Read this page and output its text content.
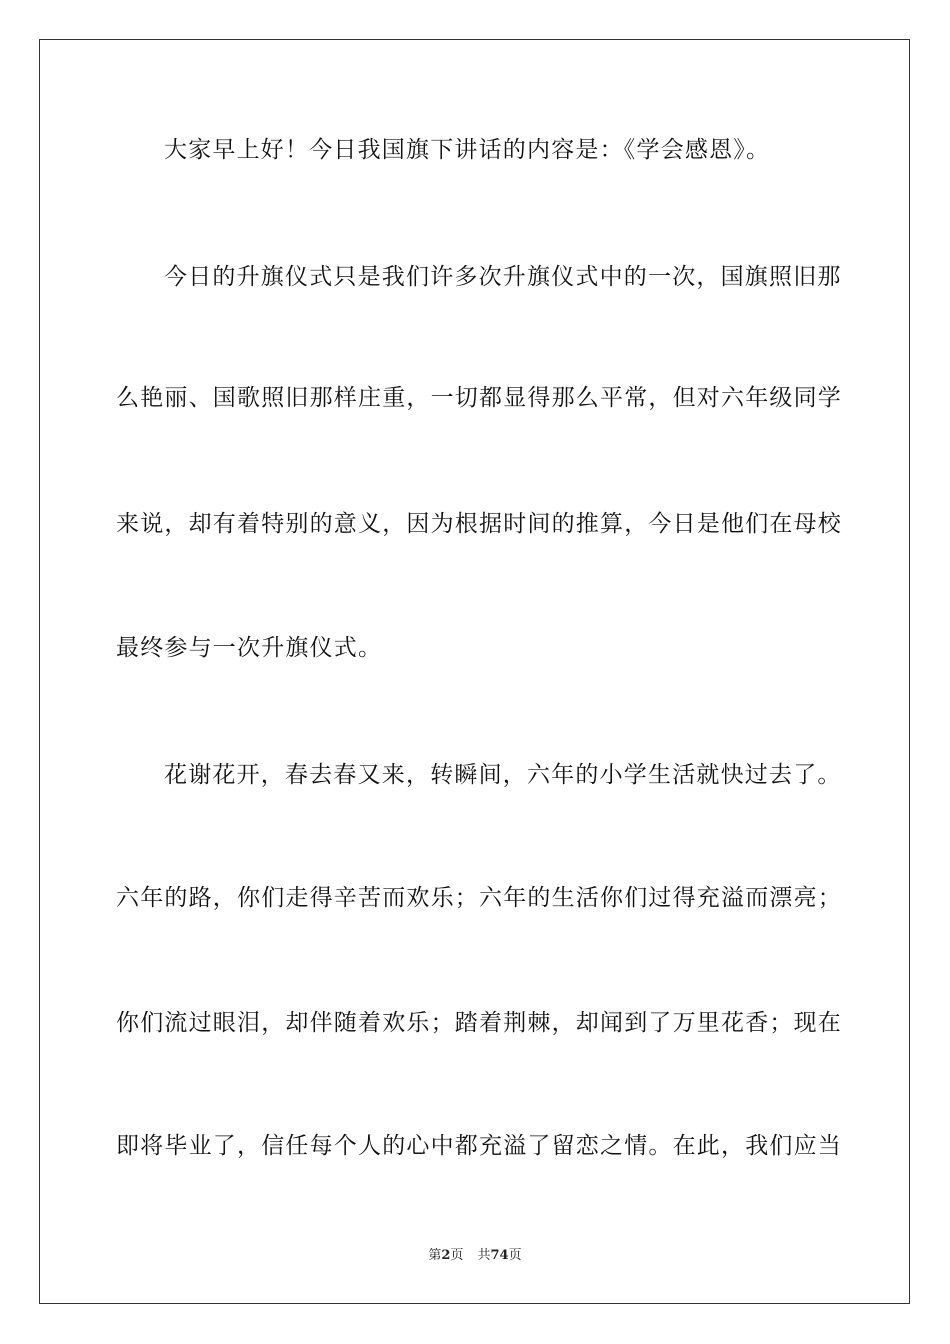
大家早上好！今日我国旗下讲话的内容是：《学会感恩》。
今日的升旗仪式只是我们许多次升旗仪式中的一次，国旗照旧那
么艳丽、国歌照旧那样庄重，一切都显得那么平常，但对六年级同学
来说，却有着特别的意义，因为根据时间的推算，今日是他们在母校
最终参与一次升旗仪式。
花谢花开，春去春又来，转瞬间，六年的小学生活就快过去了。
六年的路，你们走得辛苦而欢乐；六年的生活你们过得充溢而漂亮；
你们流过眼泪，却伴随着欢乐；踏着荆棘，却闻到了万里花香；现在
即将毕业了，信任每个人的心中都充溢了留恋之情。在此，我们应当
第2页 共74页
